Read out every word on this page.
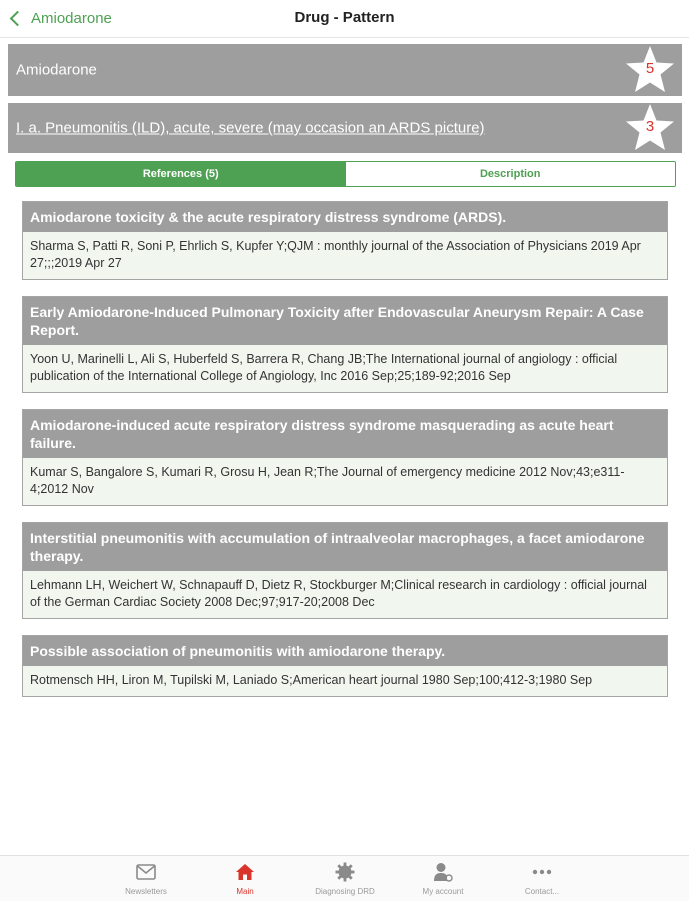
Amiodarone	Drug - Pattern
Amiodarone	5
I. a. Pneumonitis (ILD), acute, severe (may occasion an ARDS picture)	3
References (5)	Description
Amiodarone toxicity & the acute respiratory distress syndrome (ARDS).
Sharma S, Patti R, Soni P, Ehrlich S, Kupfer Y;QJM : monthly journal of the Association of Physicians 2019 Apr 27;;;2019 Apr 27
Early Amiodarone-Induced Pulmonary Toxicity after Endovascular Aneurysm Repair: A Case Report.
Yoon U, Marinelli L, Ali S, Huberfeld S, Barrera R, Chang JB;The International journal of angiology : official publication of the International College of Angiology, Inc 2016 Sep;25;189-92;2016 Sep
Amiodarone-induced acute respiratory distress syndrome masquerading as acute heart failure.
Kumar S, Bangalore S, Kumari R, Grosu H, Jean R;The Journal of emergency medicine 2012 Nov;43;e311-4;2012 Nov
Interstitial pneumonitis with accumulation of intraalveolar macrophages, a facet amiodarone therapy.
Lehmann LH, Weichert W, Schnapauff D, Dietz R, Stockburger M;Clinical research in cardiology : official journal of the German Cardiac Society 2008 Dec;97;917-20;2008 Dec
Possible association of pneumonitis with amiodarone therapy.
Rotmensch HH, Liron M, Tupilski M, Laniado S;American heart journal 1980 Sep;100;412-3;1980 Sep
Newsletters	Main	Diagnosing DRD	My account	Contact...
